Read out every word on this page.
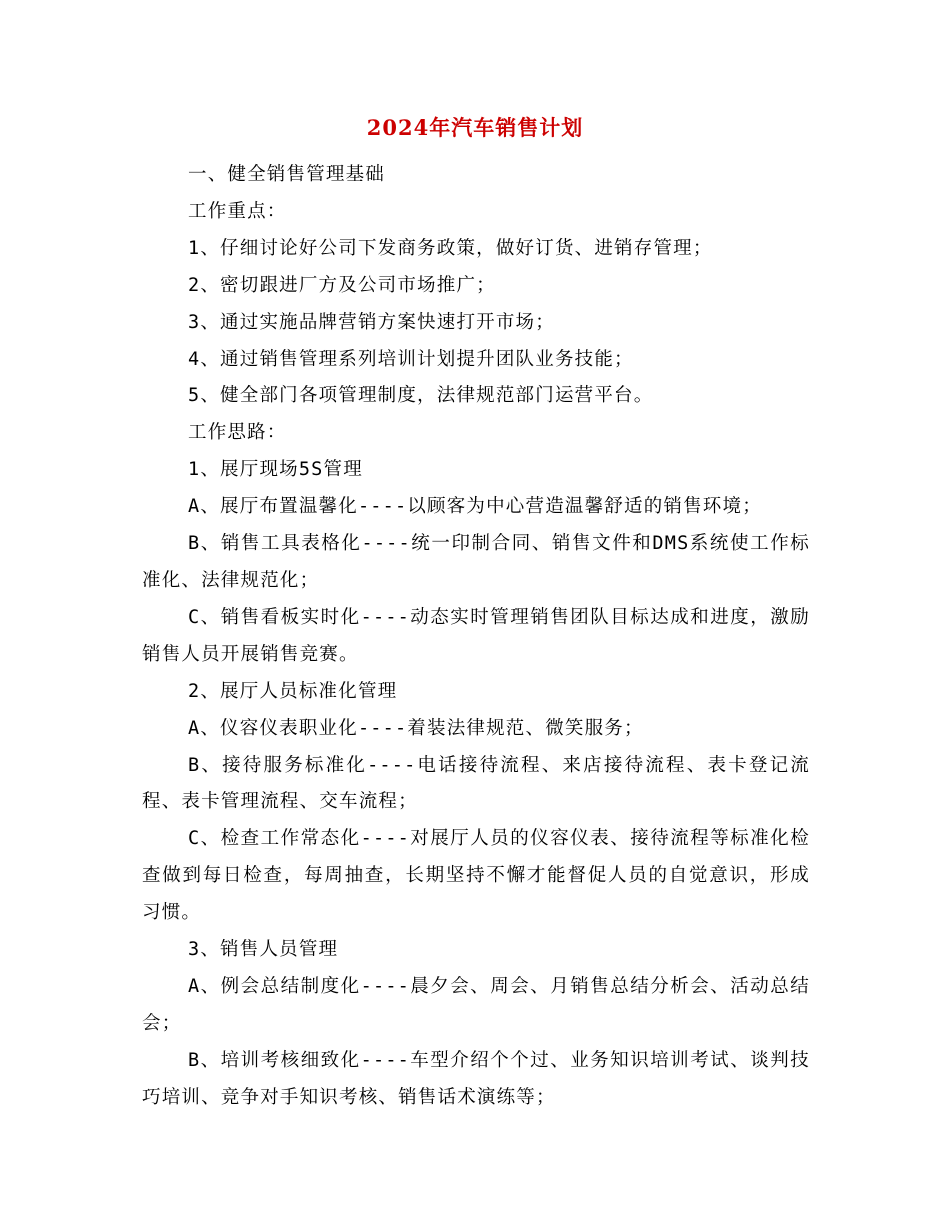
2024年汽车销售计划

一、健全销售管理基础

工作重点：

1、仔细讨论好公司下发商务政策，做好订货、进销存管理；

2、密切跟进厂方及公司市场推广；

3、通过实施品牌营销方案快速打开市场；

4、通过销售管理系列培训计划提升团队业务技能；

5、健全部门各项管理制度，法律规范部门运营平台。

工作思路：

1、展厅现场5S管理

A、展厅布置温馨化----以顾客为中心营造温馨舒适的销售环境；

B、销售工具表格化----统一印制合同、销售文件和DMS系统使工作标准化、法律规范化；

C、销售看板实时化----动态实时管理销售团队目标达成和进度，激励销售人员开展销售竞赛。

2、展厅人员标准化管理

A、仪容仪表职业化----着装法律规范、微笑服务；

B、接待服务标准化----电话接待流程、来店接待流程、表卡登记流程、表卡管理流程、交车流程；

C、检查工作常态化----对展厅人员的仪容仪表、接待流程等标准化检查做到每日检查，每周抽查，长期坚持不懈才能督促人员的自觉意识，形成习惯。

3、销售人员管理

A、例会总结制度化----晨夕会、周会、月销售总结分析会、活动总结会；

B、培训考核细致化----车型介绍个个过、业务知识培训考试、谈判技巧培训、竞争对手知识考核、销售话术演练等；
